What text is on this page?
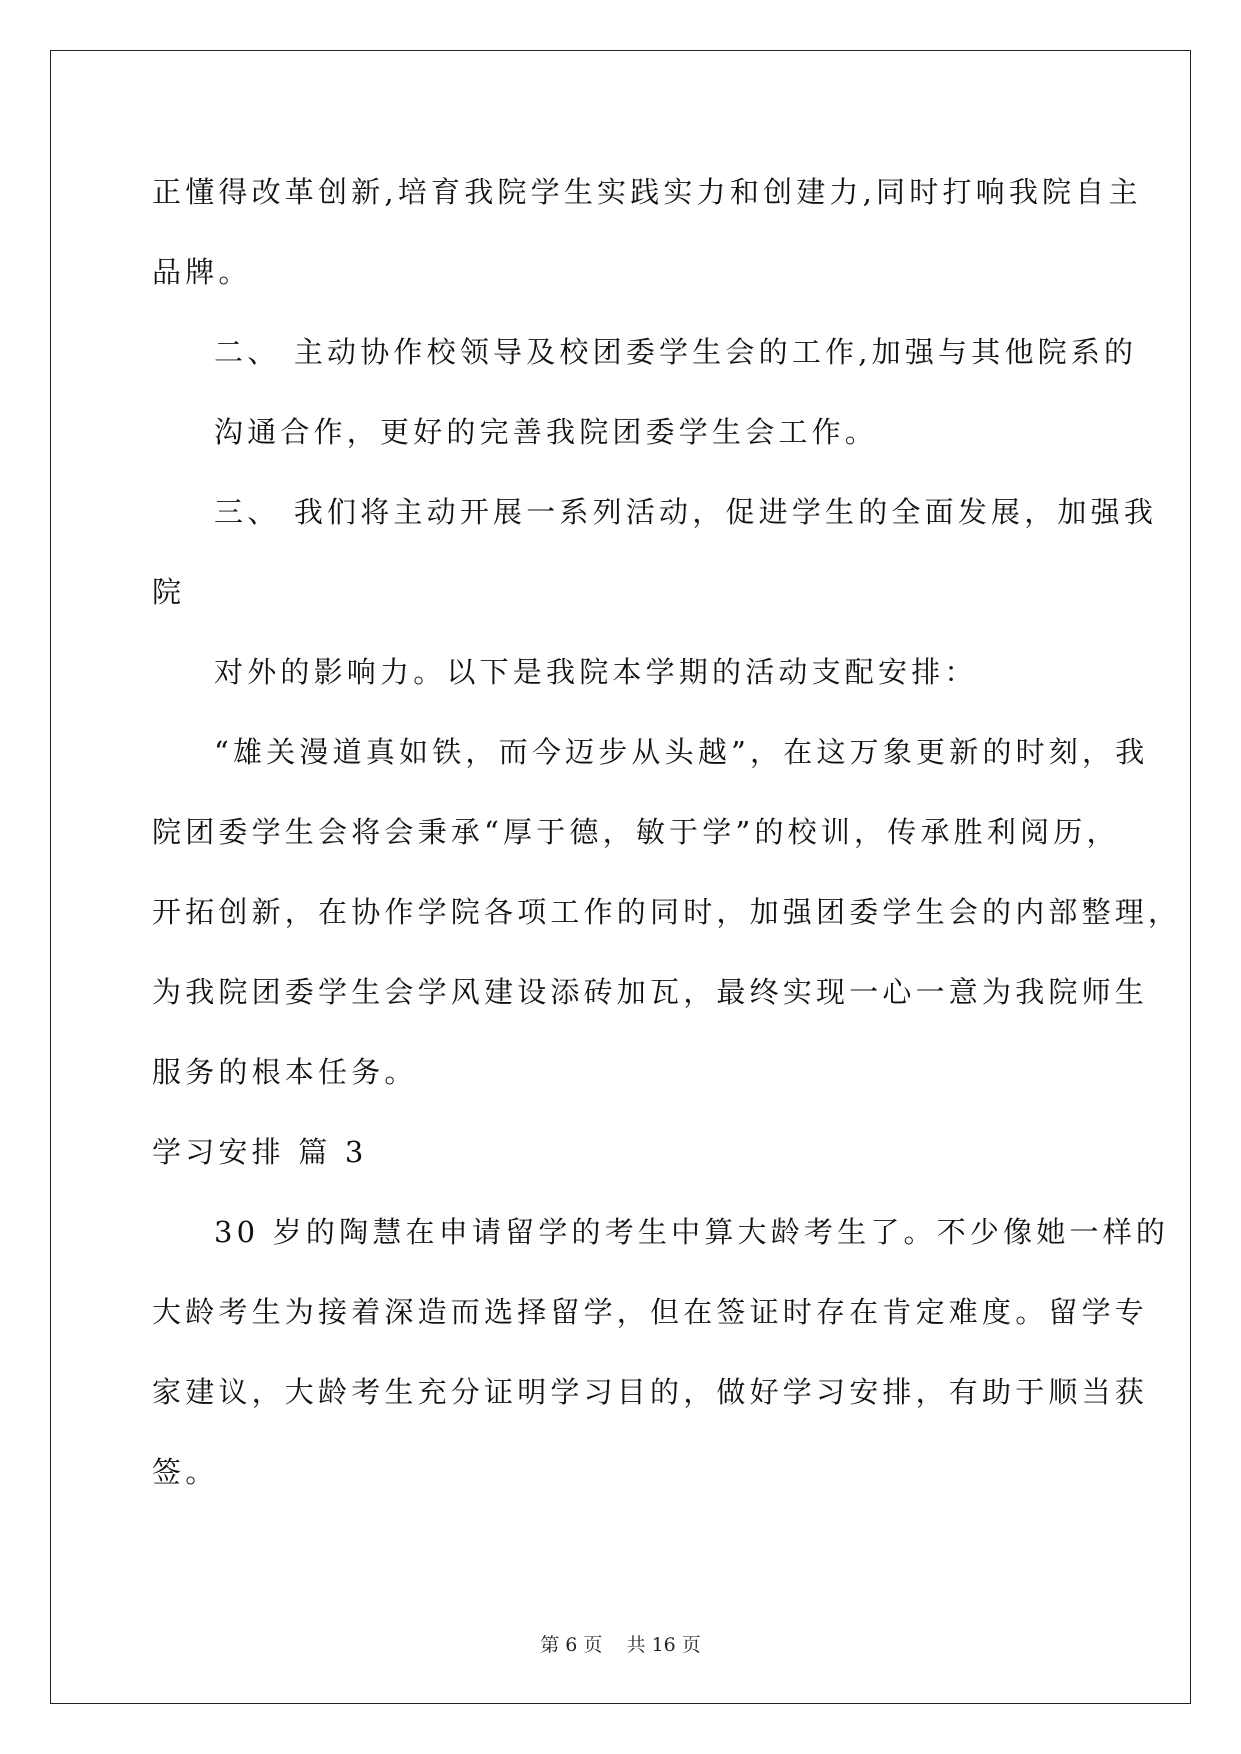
正懂得改革创新,培育我院学生实践实力和创建力,同时打响我院自主
品牌。
二、 主动协作校领导及校团委学生会的工作,加强与其他院系的
沟通合作，更好的完善我院团委学生会工作。
三、 我们将主动开展一系列活动，促进学生的全面发展，加强我
院
对外的影响力。以下是我院本学期的活动支配安排：
“雄关漫道真如铁，而今迈步从头越”，在这万象更新的时刻，我
院团委学生会将会秉承“厚于德，敏于学”的校训，传承胜利阅历，
开拓创新，在协作学院各项工作的同时，加强团委学生会的内部整理，
为我院团委学生会学风建设添砖加瓦，最终实现一心一意为我院师生
服务的根本任务。
学习安排 篇 3
30 岁的陶慧在申请留学的考生中算大龄考生了。不少像她一样的
大龄考生为接着深造而选择留学，但在签证时存在肯定难度。留学专
家建议，大龄考生充分证明学习目的，做好学习安排，有助于顺当获
签。
第 6 页 共 16 页
